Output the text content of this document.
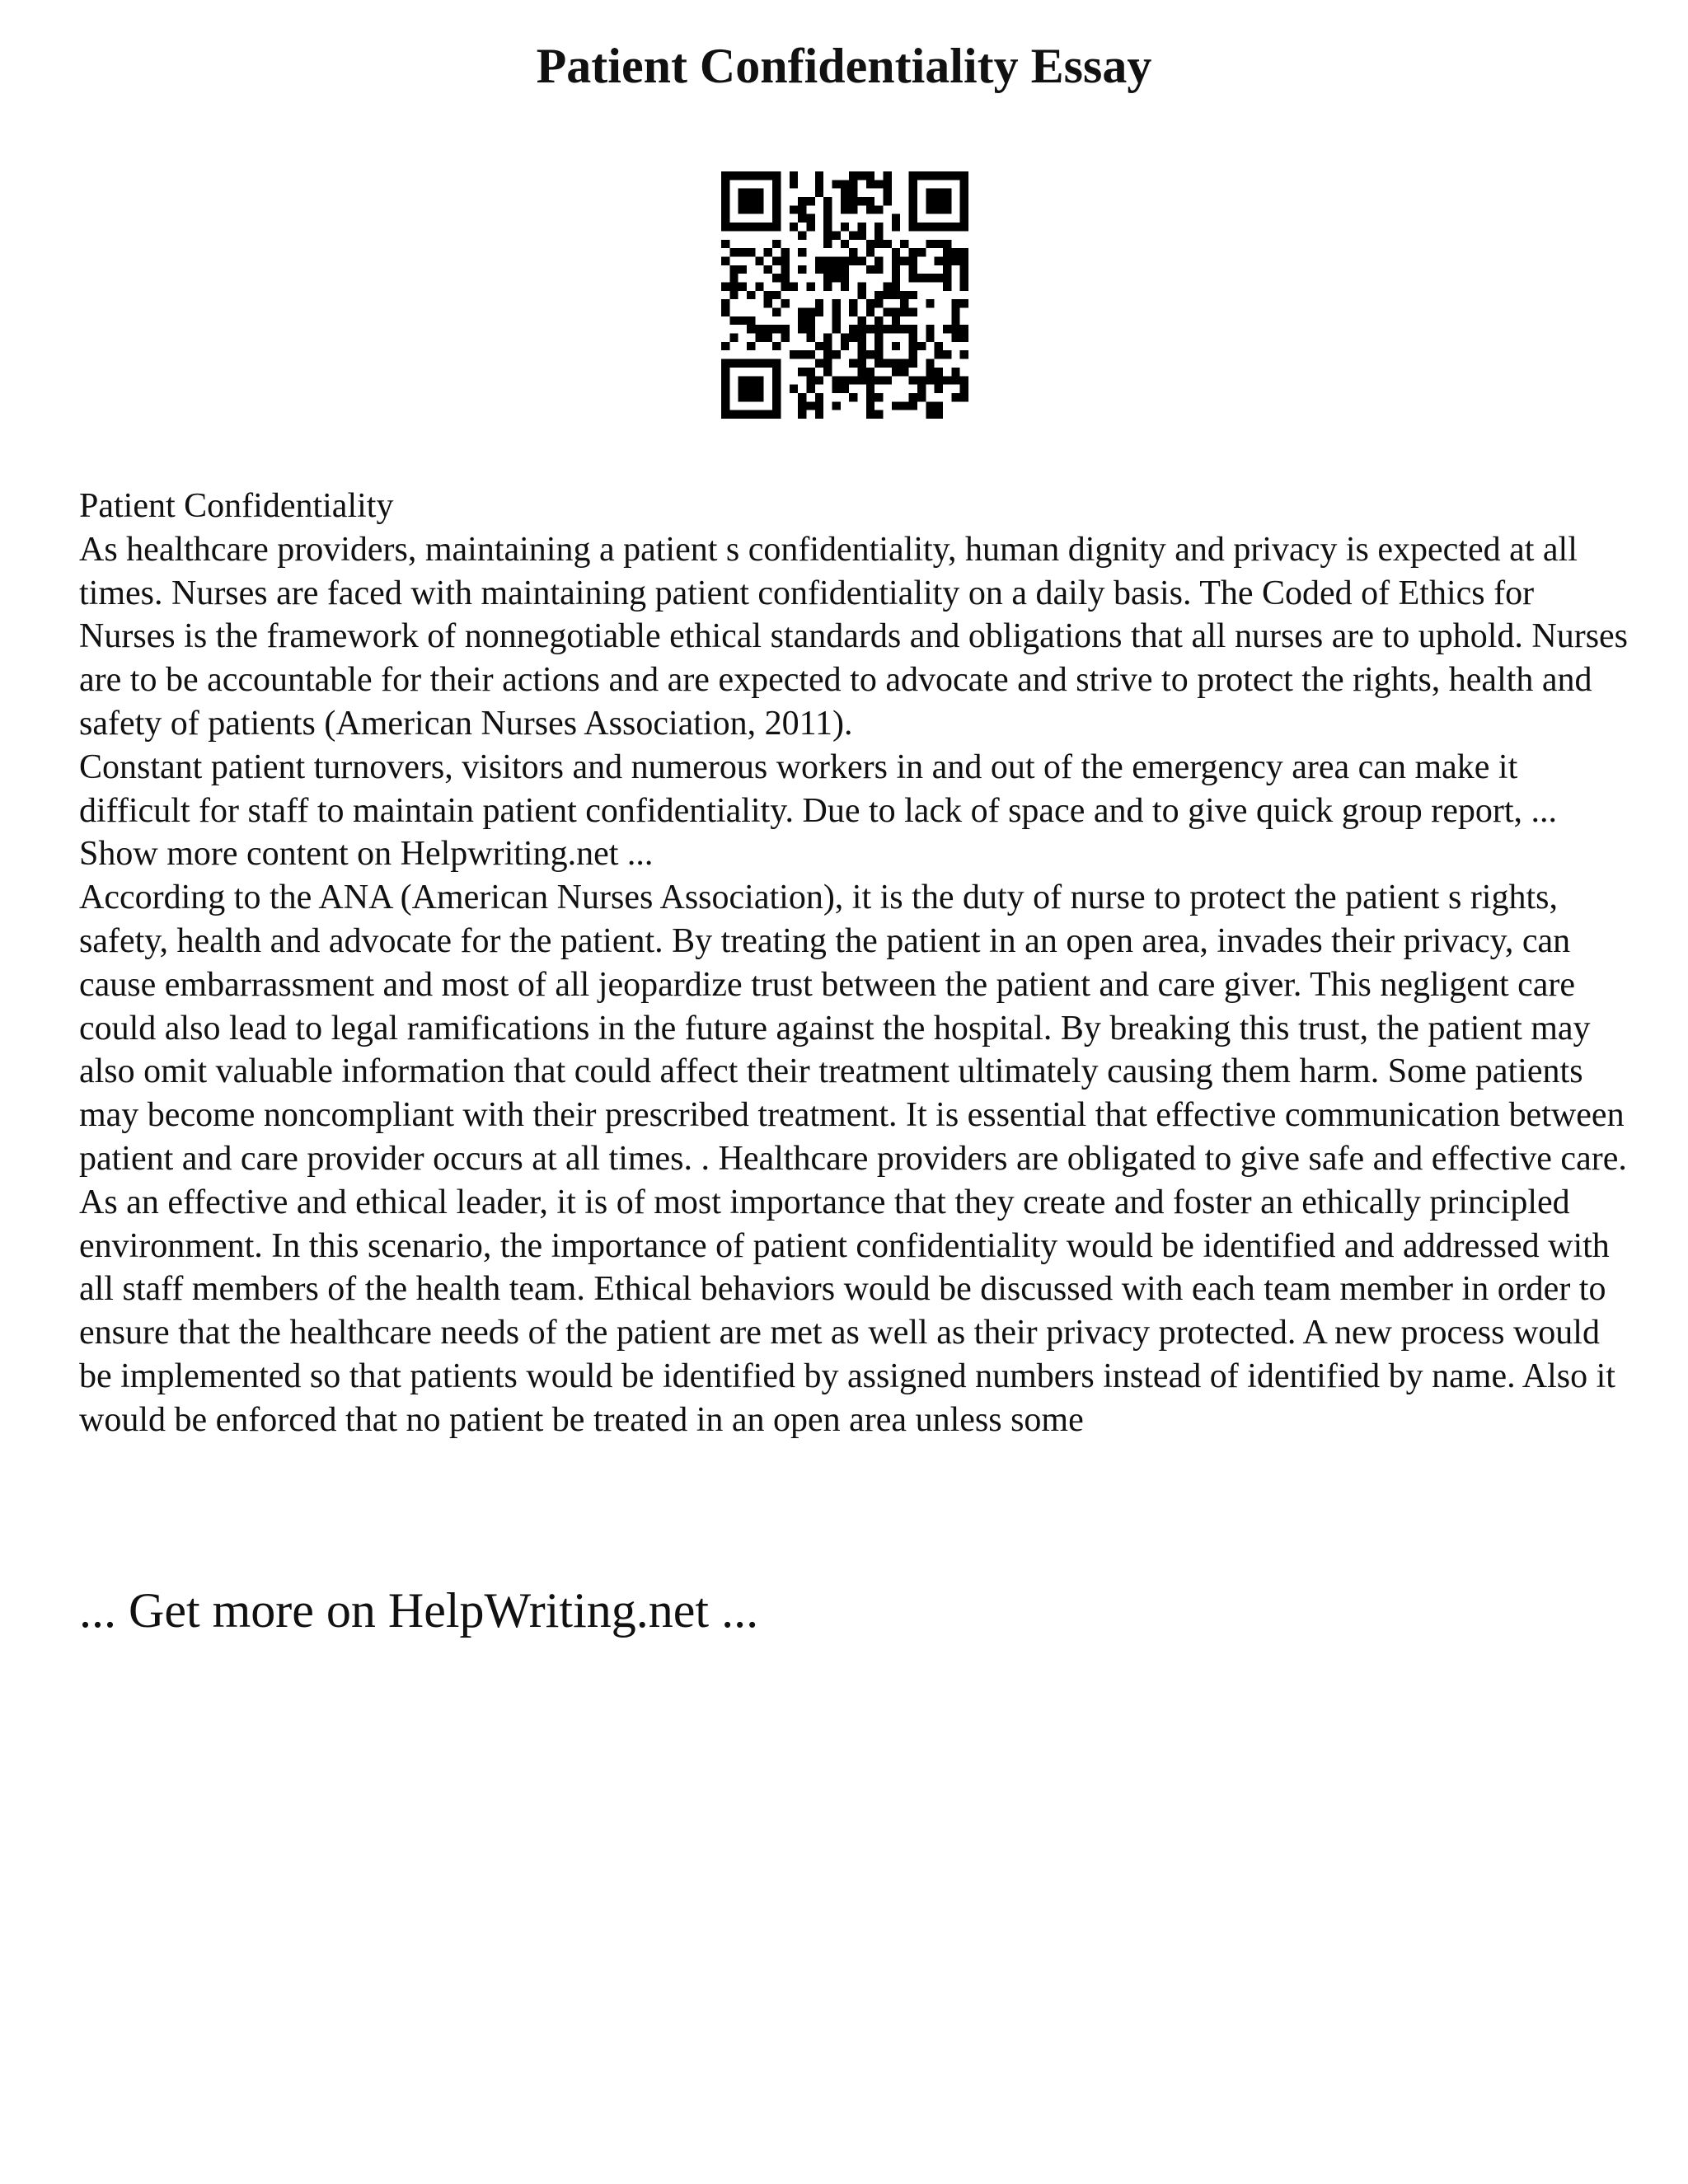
Patient Confidentiality Essay

Patient Confidentiality

As healthcare providers, maintaining a patient s confidentiality, human dignity and privacy is expected at all times. Nurses are faced with maintaining patient confidentiality on a daily basis. The Coded of Ethics for Nurses is the framework of nonnegotiable ethical standards and obligations that all nurses are to uphold. Nurses are to be accountable for their actions and are expected to advocate and strive to protect the rights, health and safety of patients (American Nurses Association, 2011).

Constant patient turnovers, visitors and numerous workers in and out of the emergency area can make it difficult for staff to maintain patient confidentiality. Due to lack of space and to give quick group report, ... Show more content on Helpwriting.net ...

According to the ANA (American Nurses Association), it is the duty of nurse to protect the patient s rights, safety, health and advocate for the patient. By treating the patient in an open area, invades their privacy, can cause embarrassment and most of all jeopardize trust between the patient and care giver. This negligent care could also lead to legal ramifications in the future against the hospital. By breaking this trust, the patient may also omit valuable information that could affect their treatment ultimately causing them harm. Some patients may become noncompliant with their prescribed treatment. It is essential that effective communication between patient and care provider occurs at all times. . Healthcare providers are obligated to give safe and effective care.

As an effective and ethical leader, it is of most importance that they create and foster an ethically principled environment. In this scenario, the importance of patient confidentiality would be identified and addressed with all staff members of the health team. Ethical behaviors would be discussed with each team member in order to ensure that the healthcare needs of the patient are met as well as their privacy protected. A new process would be implemented so that patients would be identified by assigned numbers instead of identified by name. Also it would be enforced that no patient be treated in an open area unless some

... Get more on HelpWriting.net ...
